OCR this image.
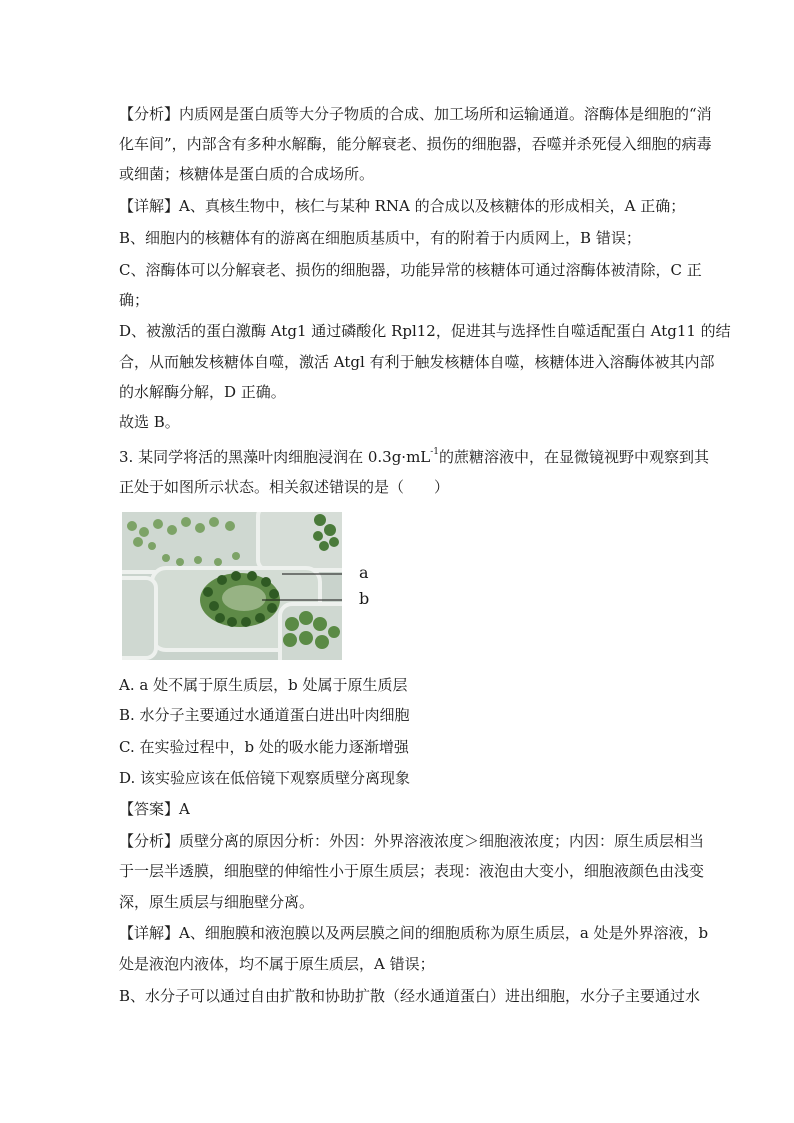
【分析】内质网是蛋白质等大分子物质的合成、加工场所和运输通道。溶酶体是细胞的“消
化车间”，内部含有多种水解酶，能分解衰老、损伤的细胞器，吞噬并杀死侵入细胞的病毒
或细菌；核糖体是蛋白质的合成场所。
【详解】A、真核生物中，核仁与某种 RNA 的合成以及核糖体的形成相关，A 正确；
B、细胞内的核糖体有的游离在细胞质基质中，有的附着于内质网上，B 错误；
C、溶酶体可以分解衰老、损伤的细胞器，功能异常的核糖体可通过溶酶体被清除，C 正
确；
D、被激活的蛋白激酶 Atg1 通过磷酸化 Rpl12，促进其与选择性自噬适配蛋白 Atg11 的结
合，从而触发核糖体自噬，激活 Atgl 有利于触发核糖体自噬，核糖体进入溶酶体被其内部
的水解酶分解，D 正确。
故选 B。
3. 某同学将活的黑藻叶肉细胞浸润在 $0.3g\cdot mL^{-1}$的蔗糖溶液中，在显微镜视野中观察到其
正处于如图所示状态。相关叙述错误的是（　　）
a
b
A. a 处不属于原生质层，b 处属于原生质层
B. 水分子主要通过水通道蛋白进出叶肉细胞
C. 在实验过程中，b 处的吸水能力逐渐增强
D. 该实验应该在低倍镜下观察质壁分离现象
【答案】A
【分析】质壁分离的原因分析：外因：外界溶液浓度＞细胞液浓度；内因：原生质层相当
于一层半透膜，细胞壁的伸缩性小于原生质层；表现：液泡由大变小，细胞液颜色由浅变
深，原生质层与细胞壁分离。
【详解】A、细胞膜和液泡膜以及两层膜之间的细胞质称为原生质层，a 处是外界溶液，b
处是液泡内液体，均不属于原生质层，A 错误；
B、水分子可以通过自由扩散和协助扩散（经水通道蛋白）进出细胞，水分子主要通过水
